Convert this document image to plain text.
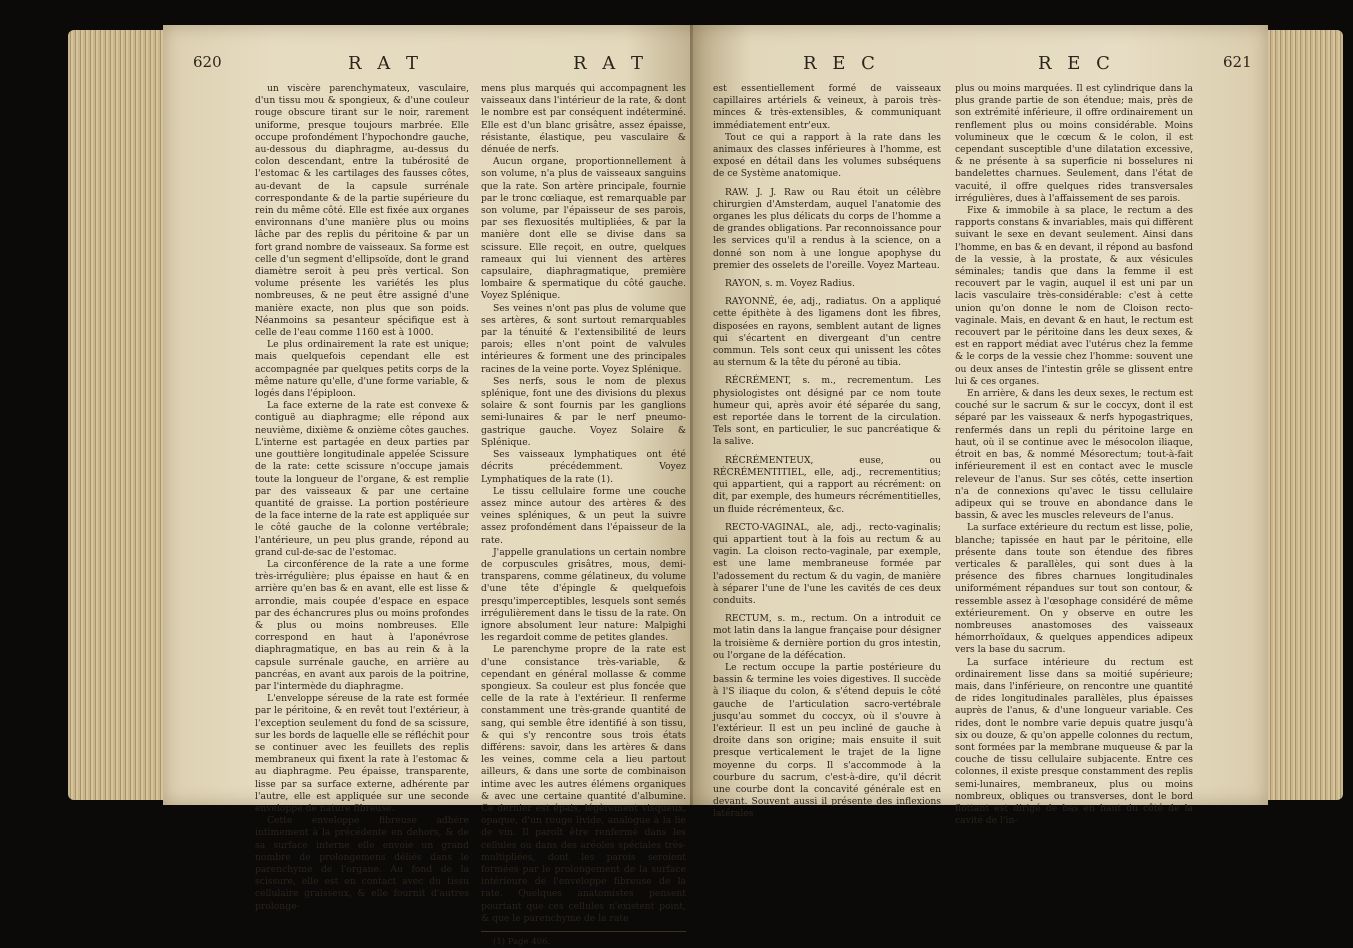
620	R A T	R A T

un viscère parenchymateux, vasculaire, d'un tissu mou & spongieux, & d'une couleur rouge obscure tirant sur le noir, rarement uniforme, presque toujours marbrée. Elle occupe profondément l'hypochondre gauche, au-dessous du diaphragme, au-dessus du colon descendant, entre la tubérosité de l'estomac & les cartilages des fausses côtes, au-devant de la capsule surrénale correspondante & de la partie supérieure du rein du même côté. Elle est fixée aux organes environnans d'une manière plus ou moins lâche par des replis du péritoine & par un fort grand nombre de vaisseaux. Sa forme est celle d'un segment d'ellipsoïde, dont le grand diamètre seroit à peu près vertical. Son volume présente les variétés les plus nombreuses, & ne peut être assigné d'une manière exacte, non plus que son poids. Néanmoins sa pesanteur spécifique est à celle de l'eau comme 1160 est à 1000.

Le plus ordinairement la rate est unique; mais quelquefois cependant elle est accompagnée par quelques petits corps de la même nature qu'elle, d'une forme variable, & logés dans l'épiploon.

La face externe de la rate est convexe & contiguë au diaphragme; elle répond aux neuvième, dixième & onzième côtes gauches. L'interne est partagée en deux parties par une gouttière longitudinale appelée Scissure de la rate: cette scissure n'occupe jamais toute la longueur de l'organe, & est remplie par des vaisseaux & par une certaine quantité de graisse. La portion postérieure de la face interne de la rate est appliquée sur le côté gauche de la colonne vertébrale; l'antérieure, un peu plus grande, répond au grand cul-de-sac de l'estomac.

La circonférence de la rate a une forme très-irrégulière; plus épaisse en haut & en arrière qu'en bas & en avant, elle est lisse & arrondie, mais coupée d'espace en espace par des échancrures plus ou moins profondes & plus ou moins nombreuses. Elle correspond en haut à l'aponévrose diaphragmatique, en bas au rein & à la capsule surrénale gauche, en arrière au pancréas, en avant aux parois de la poitrine, par l'intermède du diaphragme.

L'enveloppe séreuse de la rate est formée par le péritoine, & en revêt tout l'extérieur, à l'exception seulement du fond de sa scissure, sur les bords de laquelle elle se réfléchit pour se continuer avec les feuillets des replis membraneux qui fixent la rate à l'estomac & au diaphragme. Peu épaisse, transparente, lisse par sa surface externe, adhérente par l'autre, elle est appliquée sur une seconde enveloppe de nature fibreuse.

Cette enveloppe fibreuse adhère intimement à la précédente en dehors, & de sa surface interne elle envoie un grand nombre de prolongemens déliés dans le parenchyme de l'organe. Au fond de la scissure, elle est en contact avec du tissu cellulaire graisseux, & elle fournit d'autres prolonge-

mens plus marqués qui accompagnent les vaisseaux dans l'intérieur de la rate, & dont le nombre est par conséquent indéterminé. Elle est d'un blanc grisâtre, assez épaisse, résistante, élastique, peu vasculaire & dénuée de nerfs.

Aucun organe, proportionnellement à son volume, n'a plus de vaisseaux sanguins que la rate. Son artère principale, fournie par le tronc cœliaque, est remarquable par son volume, par l'épaisseur de ses parois, par ses flexuosités multipliées, & par la manière dont elle se divise dans sa scissure. Elle reçoit, en outre, quelques rameaux qui lui viennent des artères capsulaire, diaphragmatique, première lombaire & spermatique du côté gauche. Voyez Splénique.

Ses veines n'ont pas plus de volume que ses artères, & sont surtout remarquables par la ténuité & l'extensibilité de leurs parois; elles n'ont point de valvules intérieures & forment une des principales racines de la veine porte. Voyez Splénique.

Ses nerfs, sous le nom de plexus splénique, font une des divisions du plexus solaire & sont fournis par les ganglions semi-lunaires & par le nerf pneumo-gastrique gauche. Voyez Solaire & Splénique.

Ses vaisseaux lymphatiques ont été décrits précédemment. Voyez Lymphatiques de la rate (1).

Le tissu cellulaire forme une couche assez mince autour des artères & des veines spléniques, & un peut la suivre assez profondément dans l'épaisseur de la rate.

J'appelle granulations un certain nombre de corpuscules grisâtres, mous, demi-transparens, comme gélatineux, du volume d'une tête d'épingle & quelquefois presqu'imperceptibles, lesquels sont semés irrégulièrement dans le tissu de la rate. On ignore absolument leur nature: Malpighi les regardoit comme de petites glandes.

Le parenchyme propre de la rate est d'une consistance très-variable, & cependant en général mollasse & comme spongieux. Sa couleur est plus foncée que celle de la rate à l'extérieur. Il renferme constamment une très-grande quantité de sang, qui semble être identifié à son tissu, & qui s'y rencontre sous trois états différens: savoir, dans les artères & dans les veines, comme cela a lieu partout ailleurs, & dans une sorte de combinaison intime avec les autres élémens organiques & avec une certaine quantité d'albumine. Ce dernier est épais, légèrement visqueux, opaque, d'un rouge livide, analogue à la lie de vin. Il paroît être renfermé dans les cellules ou dans des aréoles spéciales très-multipliées, dont les parois seroient formées par le prolongement de la surface intérieure de l'enveloppe fibreuse de la rate. Quelques anatomistes pensent pourtant que ces cellules n'existent point, & que le parenchyme de la rate

(1) Page 406.

R E C	R E C	621

est essentiellement formé de vaisseaux capillaires artériels & veineux, à parois très-minces & très-extensibles, & communiquant immédiatement entr'eux.

Tout ce qui a rapport à la rate dans les animaux des classes inférieures à l'homme, est exposé en détail dans les volumes subséquens de ce Système anatomique.

RAW. J. J. Raw ou Rau étoit un célèbre chirurgien d'Amsterdam, auquel l'anatomie des organes les plus délicats du corps de l'homme a de grandes obligations. Par reconnoissance pour les services qu'il a rendus à la science, on a donné son nom à une longue apophyse du premier des osselets de l'oreille. Voyez Marteau.

RAYON, s. m. Voyez Radius.

RAYONNÉ, ée, adj., radiatus. On a appliqué cette épithète à des ligamens dont les fibres, disposées en rayons, semblent autant de lignes qui s'écartent en divergeant d'un centre commun. Tels sont ceux qui unissent les côtes au sternum & la tête du péroné au tibia.

RÉCRÉMENT, s. m., recrementum. Les physiologistes ont désigné par ce nom toute humeur qui, après avoir été séparée du sang, est reportée dans le torrent de la circulation. Tels sont, en particulier, le suc pancréatique & la salive.

RÉCRÉMENTEUX, euse, ou RÉCRÉMENTITIEL, elle, adj., recrementitius; qui appartient, qui a rapport au récrément: on dit, par exemple, des humeurs récrémentitielles, un fluide récrémenteux, &c.

RECTO-VAGINAL, ale, adj., recto-vaginalis; qui appartient tout à la fois au rectum & au vagin. La cloison recto-vaginale, par exemple, est une lame membraneuse formée par l'adossement du rectum & du vagin, de manière à séparer l'une de l'une les cavités de ces deux conduits.

RECTUM, s. m., rectum. On a introduit ce mot latin dans la langue française pour désigner la troisième & dernière portion du gros intestin, ou l'organe de la défécation.

Le rectum occupe la partie postérieure du bassin & termine les voies digestives. Il succède à l'S iliaque du colon, & s'étend depuis le côté gauche de l'articulation sacro-vertébrale jusqu'au sommet du coccyx, où il s'ouvre à l'extérieur. Il est un peu incliné de gauche à droite dans son origine; mais ensuite il suit presque verticalement le trajet de la ligne moyenne du corps. Il s'accommode à la courbure du sacrum, c'est-à-dire, qu'il décrit une courbe dont la concavité générale est en devant. Souvent aussi il présente des inflexions latérales

plus ou moins marquées. Il est cylindrique dans la plus grande partie de son étendue; mais, près de son extrémité inférieure, il offre ordinairement un renflement plus ou moins considérable. Moins volumineux que le cœcum & le colon, il est cependant susceptible d'une dilatation excessive, & ne présente à sa superficie ni bosselures ni bandelettes charnues. Seulement, dans l'état de vacuité, il offre quelques rides transversales irrégulières, dues à l'affaissement de ses parois.

Fixe & immobile à sa place, le rectum a des rapports constans & invariables, mais qui diffèrent suivant le sexe en devant seulement. Ainsi dans l'homme, en bas & en devant, il répond au basfond de la vessie, à la prostate, & aux vésicules séminales; tandis que dans la femme il est recouvert par le vagin, auquel il est uni par un lacis vasculaire très-considérable: c'est à cette union qu'on donne le nom de Cloison recto-vaginale. Mais, en devant & en haut, le rectum est recouvert par le péritoine dans les deux sexes, & est en rapport médiat avec l'utérus chez la femme & le corps de la vessie chez l'homme: souvent une ou deux anses de l'intestin grêle se glissent entre lui & ces organes.

En arrière, & dans les deux sexes, le rectum est couché sur le sacrum & sur le coccyx, dont il est séparé par les vaisseaux & nerfs hypogastriques, renfermés dans un repli du péritoine large en haut, où il se continue avec le mésocolon iliaque, étroit en bas, & nommé Mésorectum; tout-à-fait inférieurement il est en contact avec le muscle releveur de l'anus. Sur ses côtés, cette insertion n'a de connexions qu'avec le tissu cellulaire adipeux qui se trouve en abondance dans le bassin, & avec les muscles releveurs de l'anus.

La surface extérieure du rectum est lisse, polie, blanche; tapissée en haut par le péritoine, elle présente dans toute son étendue des fibres verticales & parallèles, qui sont dues à la présence des fibres charnues longitudinales uniformément répandues sur tout son contour, & ressemble assez à l'œsophage considéré de même extérieurement. On y observe en outre les nombreuses anastomoses des vaisseaux hémorrhoïdaux, & quelques appendices adipeux vers la base du sacrum.

La surface intérieure du rectum est ordinairement lisse dans sa moitié supérieure; mais, dans l'inférieure, on rencontre une quantité de rides longitudinales parallèles, plus épaisses auprès de l'anus, & d'une longueur variable. Ces rides, dont le nombre varie depuis quatre jusqu'à six ou douze, & qu'on appelle colonnes du rectum, sont formées par la membrane muqueuse & par la couche de tissu cellulaire subjacente. Entre ces colonnes, il existe presque constamment des replis semi-lunaires, membraneux, plus ou moins nombreux, obliques ou transverses, dont le bord flottant est dirigé de bas en haut du côté de la cavité de l'in-
